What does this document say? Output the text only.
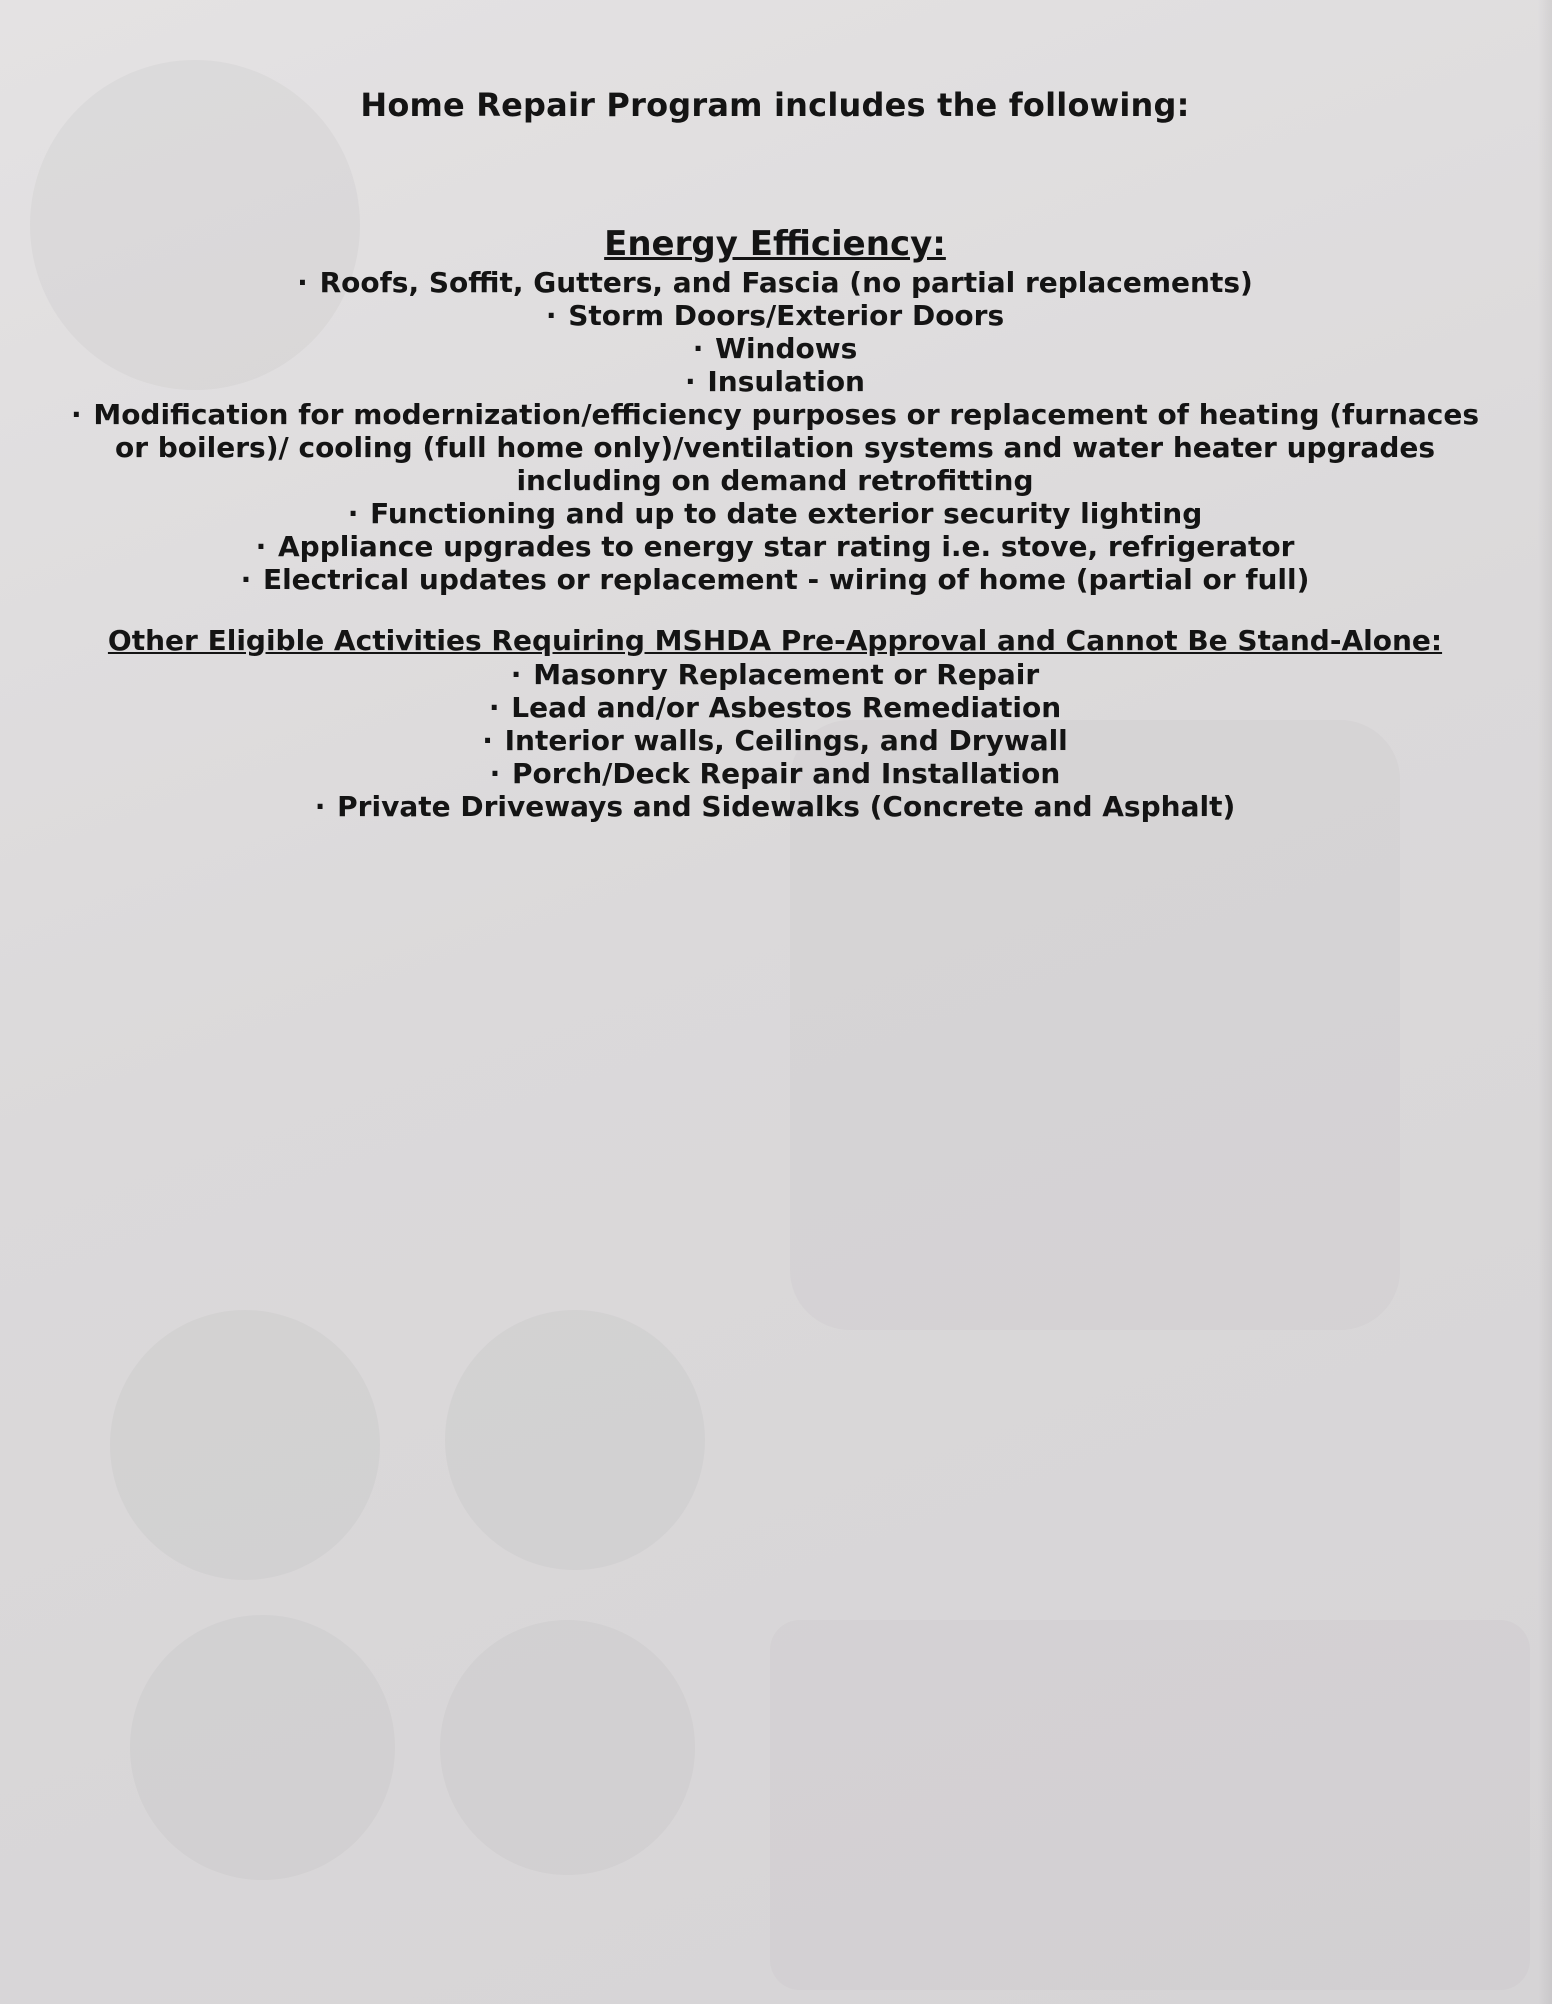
Home Repair Program includes the following:
Energy Efficiency:
· Roofs, Soffit, Gutters, and Fascia (no partial replacements)
· Storm Doors/Exterior Doors
· Windows
· Insulation
· Modification for modernization/efficiency purposes or replacement of heating (furnaces or boilers)/ cooling (full home only)/ventilation systems and water heater upgrades including on demand retrofitting
· Functioning and up to date exterior security lighting
· Appliance upgrades to energy star rating i.e. stove, refrigerator
· Electrical updates or replacement - wiring of home (partial or full)
Other Eligible Activities Requiring MSHDA Pre-Approval and Cannot Be Stand-Alone:
· Masonry Replacement or Repair
· Lead and/or Asbestos Remediation
· Interior walls, Ceilings, and Drywall
· Porch/Deck Repair and Installation
· Private Driveways and Sidewalks (Concrete and Asphalt)
